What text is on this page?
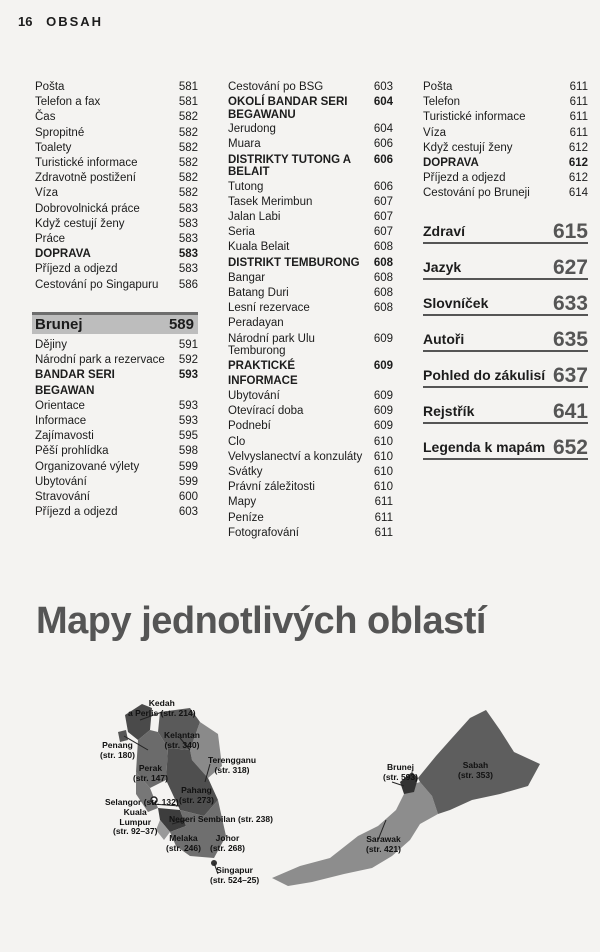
16 OBSAH
Pošta	581
Telefon a fax	581
Čas	582
Spropitné	582
Toalety	582
Turistické informace	582
Zdravotně postižení	582
Víza	582
Dobrovolnická práce	583
Když cestují ženy	583
Práce	583
DOPRAVA	583
Příjezd a odjezd	583
Cestování po Singapuru	586
Brunej	589
Dějiny	591
Národní park a rezervace	592
BANDAR SERI BEGAWAN
593
Orientace	593
Informace	593
Zajímavosti	595
Pěší prohlídka	598
Organizované výlety	599
Ubytování	599
Stravování	600
Příjezd a odjezd	603
Cestování po BSG	603
OKOLÍ BANDAR SERI BEGAWANU
604
Jerudong	604
Muara	606
DISTRIKTY TUTONG A BELAIT
606
Tutong	606
Tasek Merimbun	607
Jalan Labi	607
Seria	607
Kuala Belait	608
DISTRIKT TEMBURONG	608
Bangar	608
Batang Duri	608
Lesní rezervace Peradayan
608
Národní park Ulu Temburong
609
PRAKTICKÉ INFORMACE
609
Ubytování	609
Otevírací doba	609
Podnebí	609
Clo	610
Velvyslanectví a konzuláty	610
Svátky	610
Právní záležitosti	610
Mapy	611
Peníze	611
Fotografování	611
Pošta	611
Telefon	611
Turistické informace	611
Víza	611
Když cestují ženy	612
DOPRAVA	612
Příjezd a odjezd	612
Cestování po Bruneji	614
Zdraví	615
Jazyk	627
Slovníček	633
Autoři	635
Pohled do zákulisí 637
Rejstřík	641
Legenda k mapám 652
Mapy jednotlivých oblastí
Kedah
a Perlis (str. 214)
Penang
(str. 180)
Kelantan
(str. 340)
Terengganu
(str. 318)
Perak
(str. 147)
Pahang
(str. 273)
Selangor (str. 132)
Kuala
Lumpur
(str. 92–37)
Negeri Sembilan (str. 238)
Melaka
(str. 246)
Johor
(str. 268)
Singapur
(str. 524–25)
Brunej
(str. 593)
Sabah
(str. 353)
Sarawak
(str. 421)
